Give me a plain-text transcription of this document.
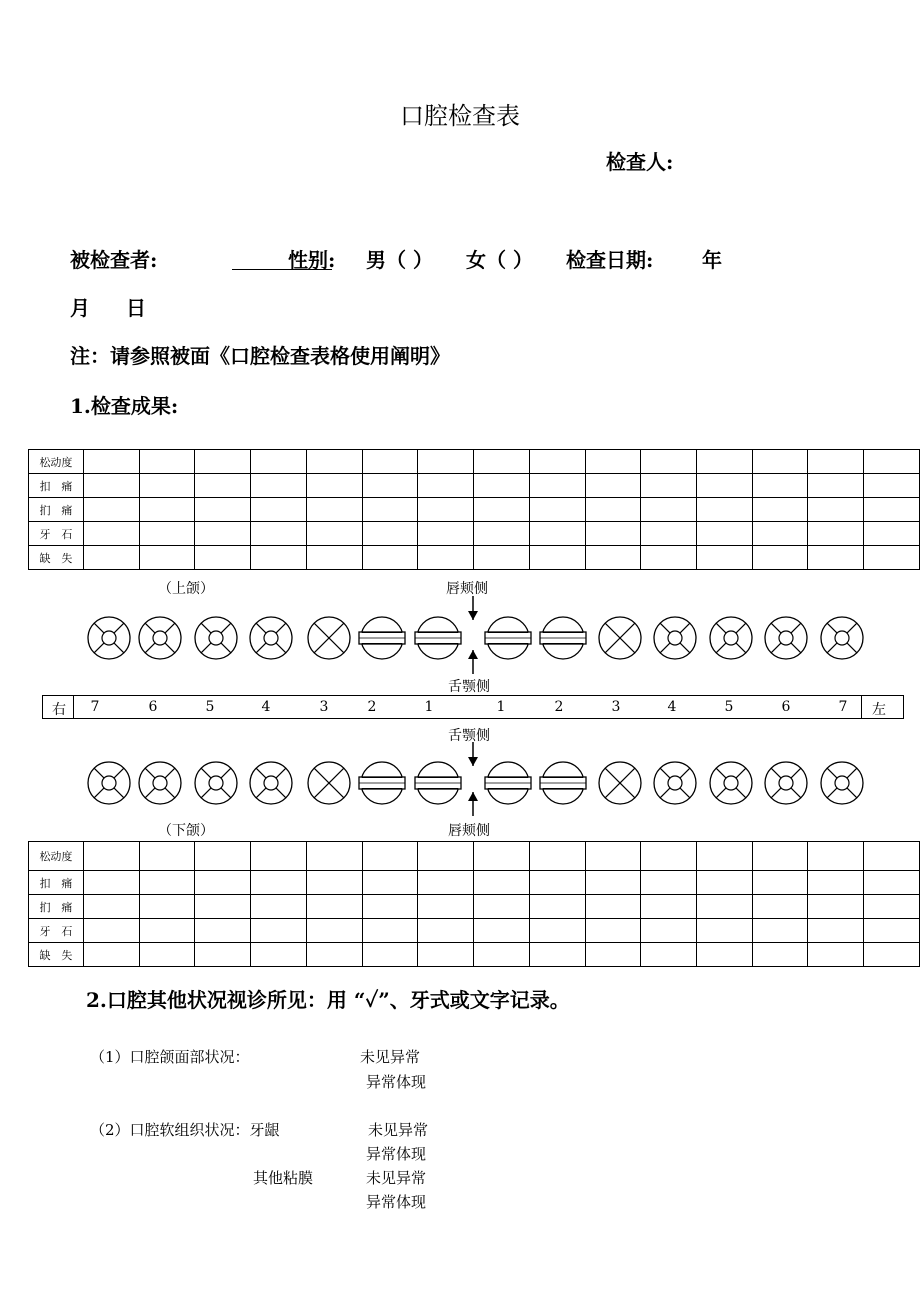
口腔检查表
检查人:
被检查者:	性别: 男（ ） 女（ ） 检查日期: 年
月 日
注：请参照被面《口腔检查表格使用阐明》
1.检查成果:
松动度															
扣　痛															
扪　痛															
牙　石															
缺　失															
（上颌）	唇颊侧
舌颚侧
右	左
7	6	5	4	3	2	1	1	2	3	4	5	6	7
舌颚侧
（下颌）	唇颊侧
松动度															
扣　痛															
扪　痛															
牙　石															
缺　失															
2.口腔其他状况视诊所见：用 “✓”、牙式或文字记录。
（1）口腔颌面部状况：	未见异常
异常体现
（2）口腔软组织状况：牙龈	未见异常
异常体现
其他粘膜	未见异常
异常体现
